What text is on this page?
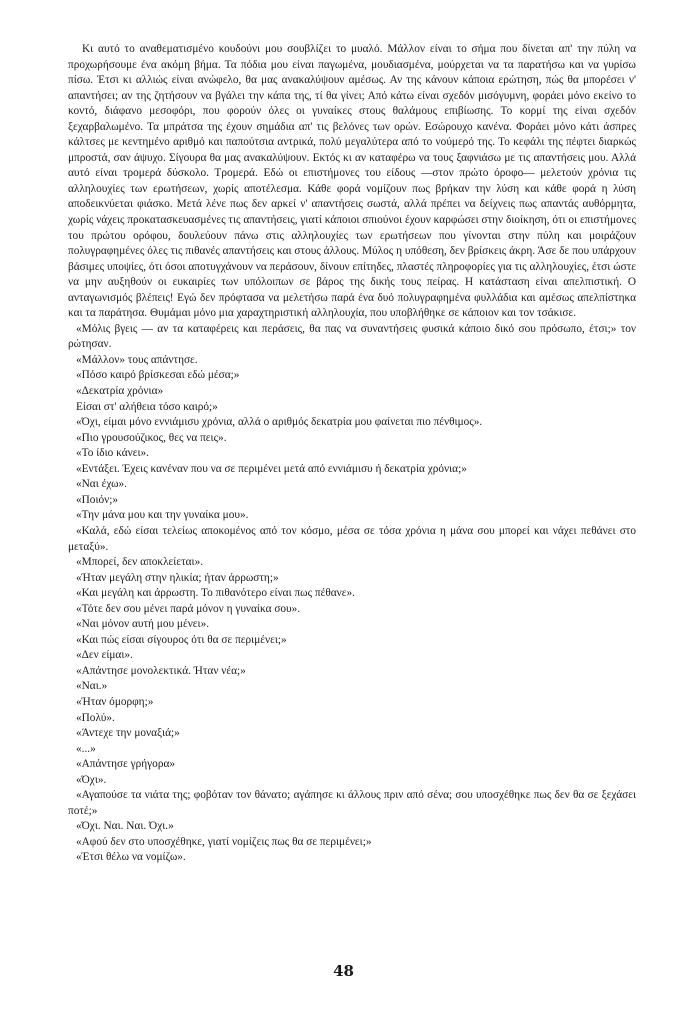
Κι αυτό το αναθεματισμένο κουδούνι μου σουβλίζει το μυαλό. Μάλλον είναι το σήμα που δίνεται απ' την πύλη να προχωρήσουμε ένα ακόμη βήμα. Τα πόδια μου είναι παγωμένα, μουδιασμένα, μούρχεται να τα παρατήσω και να γυρίσω πίσω. Έτσι κι αλλιώς είναι ανώφελο, θα μας ανακαλύψουν αμέσως. Αν της κάνουν κάποια ερώτηση, πώς θα μπορέσει ν' απαντήσει; αν της ζητήσουν να βγάλει την κάπα της, τί θα γίνει; Από κάτω είναι σχεδόν μισόγυμνη, φοράει μόνο εκείνο το κοντό, διάφανο μεσοφόρι, που φορούν όλες οι γυναίκες στους θαλάμους επιβίωσης. Το κορμί της είναι σχεδόν ξεχαρβαλωμένο. Τα μπράτσα της έχουν σημάδια απ' τις βελόνες των ορών. Εσώρουχο κανένα. Φοράει μόνο κάτι άσπρες κάλτσες με κεντημένο αριθμό και παπούτσια αντρικά, πολύ μεγαλύτερα από το νούμερό της. Το κεφάλι της πέφτει διαρκώς μπροστά, σαν άψυχο. Σίγουρα θα μας ανακαλύψουν. Εκτός κι αν καταφέρω να τους ξαφνιάσω με τις απαντήσεις μου. Αλλά αυτό είναι τρομερά δύσκολο. Τρομερά. Εδώ οι επιστήμονες του είδους —στον πρώτο όροφο— μελετούν χρόνια τις αλληλουχίες των ερωτήσεων, χωρίς αποτέλεσμα. Κάθε φορά νομίζουν πως βρήκαν την λύση και κάθε φορά η λύση αποδεικνύεται φιάσκο. Μετά λένε πως δεν αρκεί ν' απαντήσεις σωστά, αλλά πρέπει να δείχνεις πως απαντάς αυθόρμητα, χωρίς νάχεις προκατασκευασμένες τις απαντήσεις, γιατί κάποιοι σπιούνοι έχουν καρφώσει στην διοίκηση, ότι οι επιστήμονες του πρώτου ορόφου, δουλεύουν πάνω στις αλληλουχίες των ερωτήσεων που γίνονται στην πύλη και μοιράζουν πολυγραφημένες όλες τις πιθανές απαντήσεις και στους άλλους. Μύλος η υπόθεση, δεν βρίσκεις άκρη. Άσε δε που υπάρχουν βάσιμες υποψίες, ότι όσοι αποτυγχάνουν να περάσουν, δίνουν επίτηδες, πλαστές πληροφορίες για τις αλληλουχίες, έτσι ώστε να μην αυξηθούν οι ευκαιρίες των υπόλοιπων σε βάρος της δικής τους πείρας. Η κατάσταση είναι απελπιστική. Ο ανταγωνισμός βλέπεις! Εγώ δεν πρόφτασα να μελετήσω παρά ένα δυό πολυγραφημένα φυλλάδια και αμέσως απελπίστηκα και τα παράτησα. Θυμάμαι μόνο μια χαραχτηριστική αλληλουχία, που υποβλήθηκε σε κάποιον και τον τσάκισε.

«Μόλις βγεις — αν τα καταφέρεις και περάσεις, θα πας να συναντήσεις φυσικά κάποιο δικό σου πρόσωπο, έτσι;» τον ρώτησαν.

«Μάλλον» τους απάντησε.

«Πόσο καιρό βρίσκεσαι εδώ μέσα;»

«Δεκατρία χρόνια»

Είσαι στ' αλήθεια τόσο καιρό;»

«Όχι, είμαι μόνο εννιάμισυ χρόνια, αλλά ο αριθμός δεκατρία μου φαίνεται πιο πένθιμος».

«Πιο γρουσούζικος, θες να πεις».

«Το ίδιο κάνει».

«Εντάξει. Έχεις κανέναν που να σε περιμένει μετά από εννιάμισυ ή δεκατρία χρόνια;»

«Ναι έχω».

«Ποιόν;»

«Την μάνα μου και την γυναίκα μου».

«Καλά, εδώ είσαι τελείως αποκομένος από τον κόσμο, μέσα σε τόσα χρόνια η μάνα σου μπορεί και νάχει πεθάνει στο μεταξύ».

«Μπορεί, δεν αποκλείεται».

«Ήταν μεγάλη στην ηλικία; ήταν άρρωστη;»

«Και μεγάλη και άρρωστη. Το πιθανότερο είναι πως πέθανε».

«Τότε δεν σου μένει παρά μόνον η γυναίκα σου».

«Ναι μόνον αυτή μου μένει».

«Και πώς είσαι σίγουρος ότι θα σε περιμένει;»

«Δεν είμαι».

«Απάντησε μονολεκτικά. Ήταν νέα;»

«Ναι.»

«Ήταν όμορφη;»

«Πολύ».

«Άντεχε την μοναξιά;»

«...»

«Απάντησε γρήγορα»

«Όχι».

«Αγαπούσε τα νιάτα της; φοβόταν τον θάνατο; αγάπησε κι άλλους πριν από σένα; σου υποσχέθηκε πως δεν θα σε ξεχάσει ποτέ;»

«Όχι. Ναι. Ναι. Όχι.»

«Αφού δεν στο υποσχέθηκε, γιατί νομίζεις πως θα σε περιμένει;»

«Έτσι θέλω να νομίζω».

48
